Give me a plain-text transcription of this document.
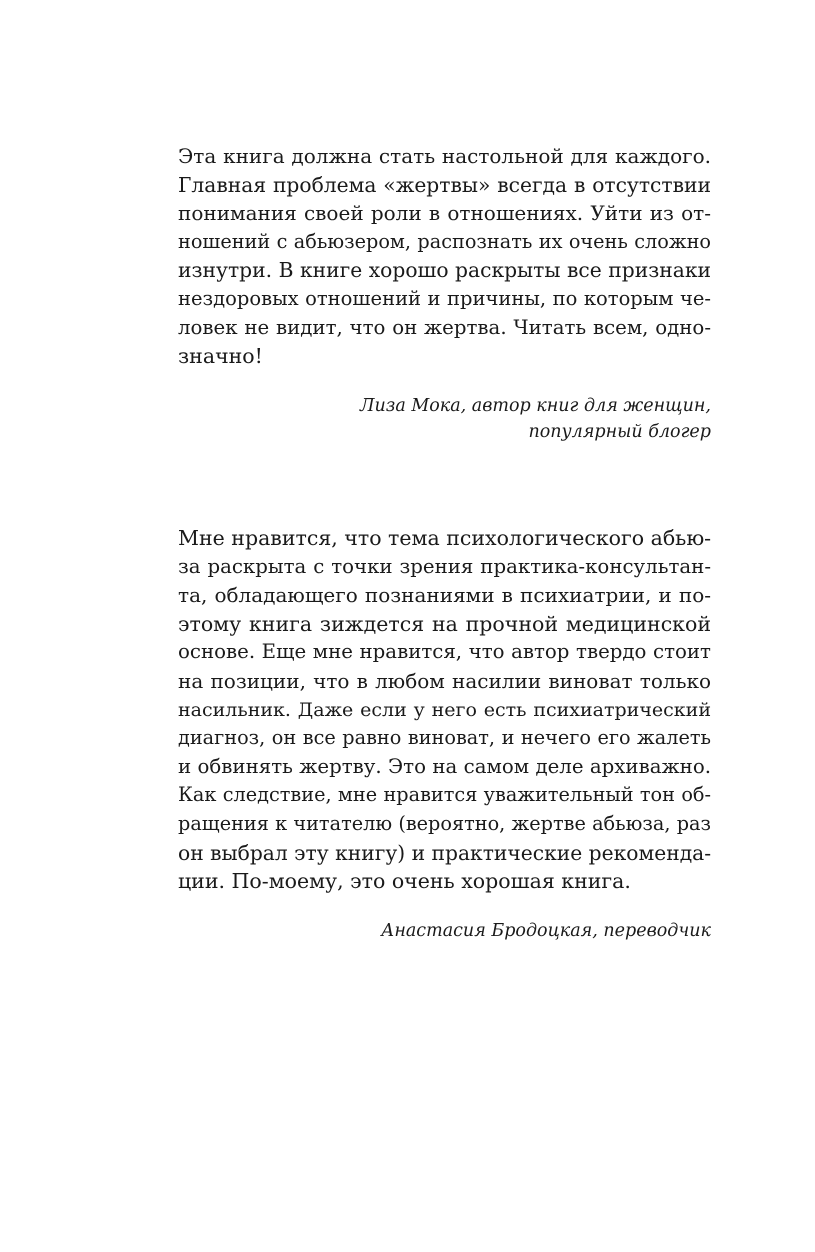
Эта книга должна стать настольной для каждого.
Главная проблема «жертвы» всегда в отсутствии
понимания своей роли в отношениях. Уйти из от-
ношений с абьюзером, распознать их очень сложно
изнутри. В книге хорошо раскрыты все признаки
нездоровых отношений и причины, по которым че-
ловек не видит, что он жертва. Читать всем, одно-
значно!
Лиза Мока, автор книг для женщин,
популярный блогер
Мне нравится, что тема психологического абью-
за раскрыта с точки зрения практика-консультан-
та, обладающего познаниями в психиатрии, и по-
этому книга зиждется на прочной медицинской
основе. Еще мне нравится, что автор твердо стоит
на позиции, что в любом насилии виноват только
насильник. Даже если у него есть психиатрический
диагноз, он все равно виноват, и нечего его жалеть
и обвинять жертву. Это на самом деле архиважно.
Как следствие, мне нравится уважительный тон об-
ращения к читателю (вероятно, жертве абьюза, раз
он выбрал эту книгу) и практические рекоменда-
ции. По-моему, это очень хорошая книга.
Анастасия Бродоцкая, переводчик
